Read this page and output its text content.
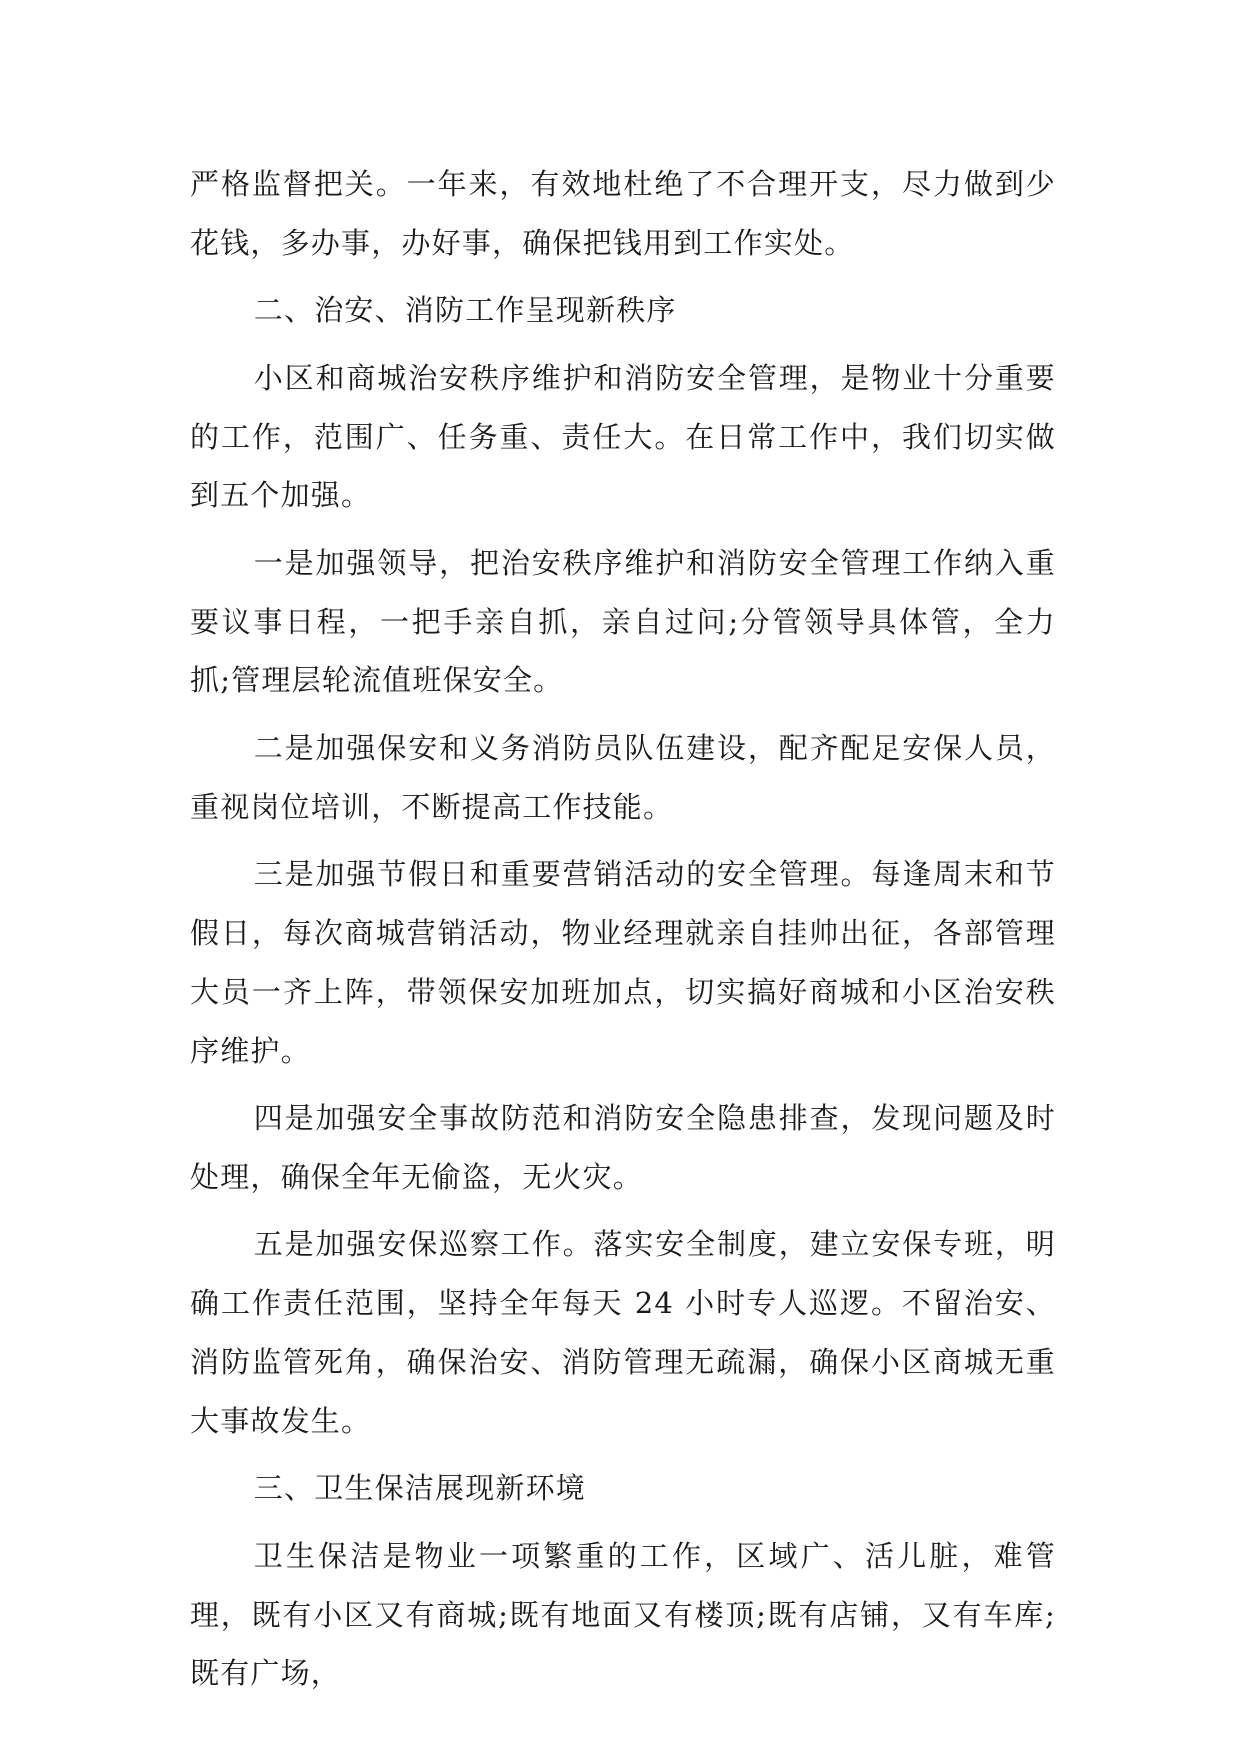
严格监督把关。一年来，有效地杜绝了不合理开支，尽力做到少花钱，多办事，办好事，确保把钱用到工作实处。

二、治安、消防工作呈现新秩序

小区和商城治安秩序维护和消防安全管理，是物业十分重要的工作，范围广、任务重、责任大。在日常工作中，我们切实做到五个加强。

一是加强领导，把治安秩序维护和消防安全管理工作纳入重要议事日程，一把手亲自抓，亲自过问;分管领导具体管，全力抓;管理层轮流值班保安全。

二是加强保安和义务消防员队伍建设，配齐配足安保人员，重视岗位培训，不断提高工作技能。

三是加强节假日和重要营销活动的安全管理。每逢周末和节假日，每次商城营销活动，物业经理就亲自挂帅出征，各部管理大员一齐上阵，带领保安加班加点，切实搞好商城和小区治安秩序维护。

四是加强安全事故防范和消防安全隐患排查，发现问题及时处理，确保全年无偷盗，无火灾。

五是加强安保巡察工作。落实安全制度，建立安保专班，明确工作责任范围，坚持全年每天 24 小时专人巡逻。不留治安、消防监管死角，确保治安、消防管理无疏漏，确保小区商城无重大事故发生。

三、卫生保洁展现新环境

卫生保洁是物业一项繁重的工作，区域广、活儿脏，难管理，既有小区又有商城;既有地面又有楼顶;既有店铺，又有车库;既有广场，
